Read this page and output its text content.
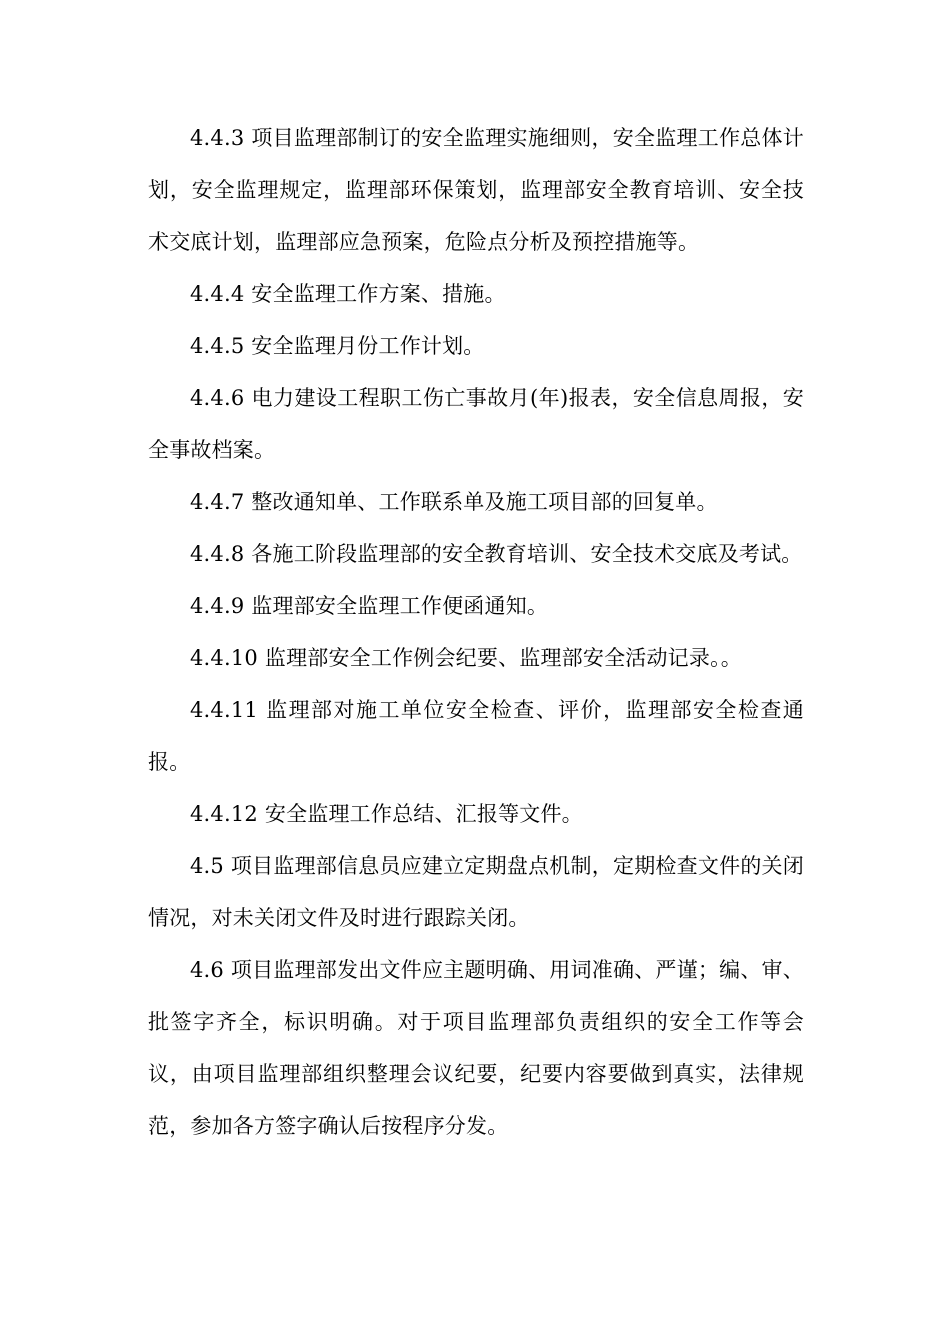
4.4.3 项目监理部制订的安全监理实施细则，安全监理工作总体计划，安全监理规定，监理部环保策划，监理部安全教育培训、安全技术交底计划，监理部应急预案，危险点分析及预控措施等。

4.4.4 安全监理工作方案、措施。

4.4.5 安全监理月份工作计划。

4.4.6 电力建设工程职工伤亡事故月(年)报表，安全信息周报，安全事故档案。

4.4.7 整改通知单、工作联系单及施工项目部的回复单。

4.4.8 各施工阶段监理部的安全教育培训、安全技术交底及考试。

4.4.9 监理部安全监理工作便函通知。

4.4.10 监理部安全工作例会纪要、监理部安全活动记录。。

4.4.11 监理部对施工单位安全检查、评价，监理部安全检查通报。

4.4.12 安全监理工作总结、汇报等文件。

4.5 项目监理部信息员应建立定期盘点机制，定期检查文件的关闭情况，对未关闭文件及时进行跟踪关闭。

4.6 项目监理部发出文件应主题明确、用词准确、严谨；编、审、批签字齐全，标识明确。对于项目监理部负责组织的安全工作等会议，由项目监理部组织整理会议纪要，纪要内容要做到真实，法律规范，参加各方签字确认后按程序分发。
